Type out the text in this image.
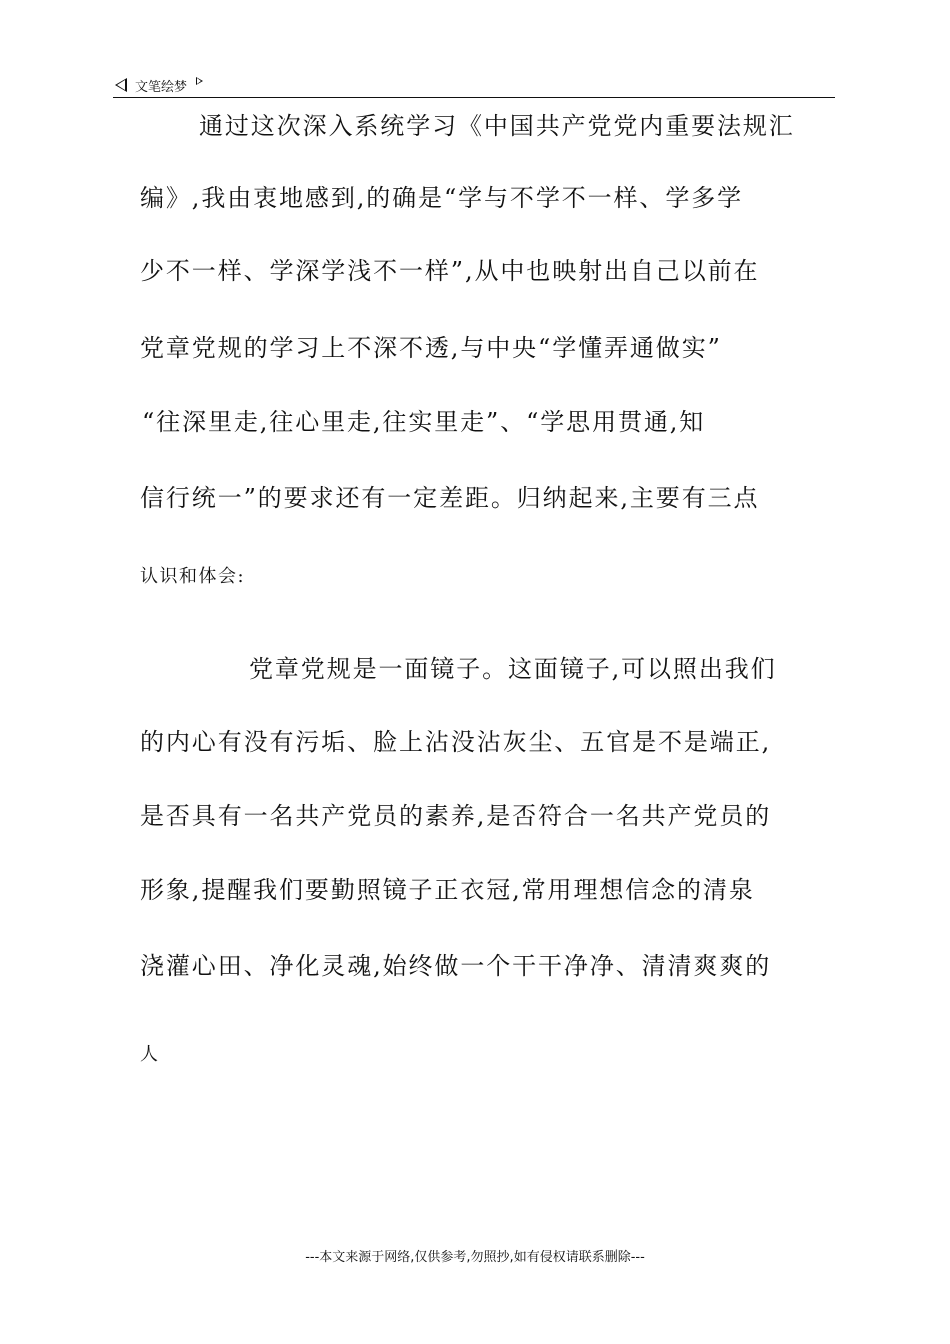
文笔绘梦
通过这次深入系统学习《中国共产党党内重要法规汇
编》,我由衷地感到,的确是“学与不学不一样、学多学
少不一样、学深学浅不一样”,从中也映射出自己以前在
党章党规的学习上不深不透,与中央“学懂弄通做实”
“往深里走,往心里走,往实里走”、“学思用贯通,知
信行统一”的要求还有一定差距。归纳起来,主要有三点
认识和体会:
党章党规是一面镜子。这面镜子,可以照出我们
的内心有没有污垢、脸上沾没沾灰尘、五官是不是端正,
是否具有一名共产党员的素养,是否符合一名共产党员的
形象,提醒我们要勤照镜子正衣冠,常用理想信念的清泉
浇灌心田、净化灵魂,始终做一个干干净净、清清爽爽的
人
---本文来源于网络,仅供参考,勿照抄,如有侵权请联系删除---
